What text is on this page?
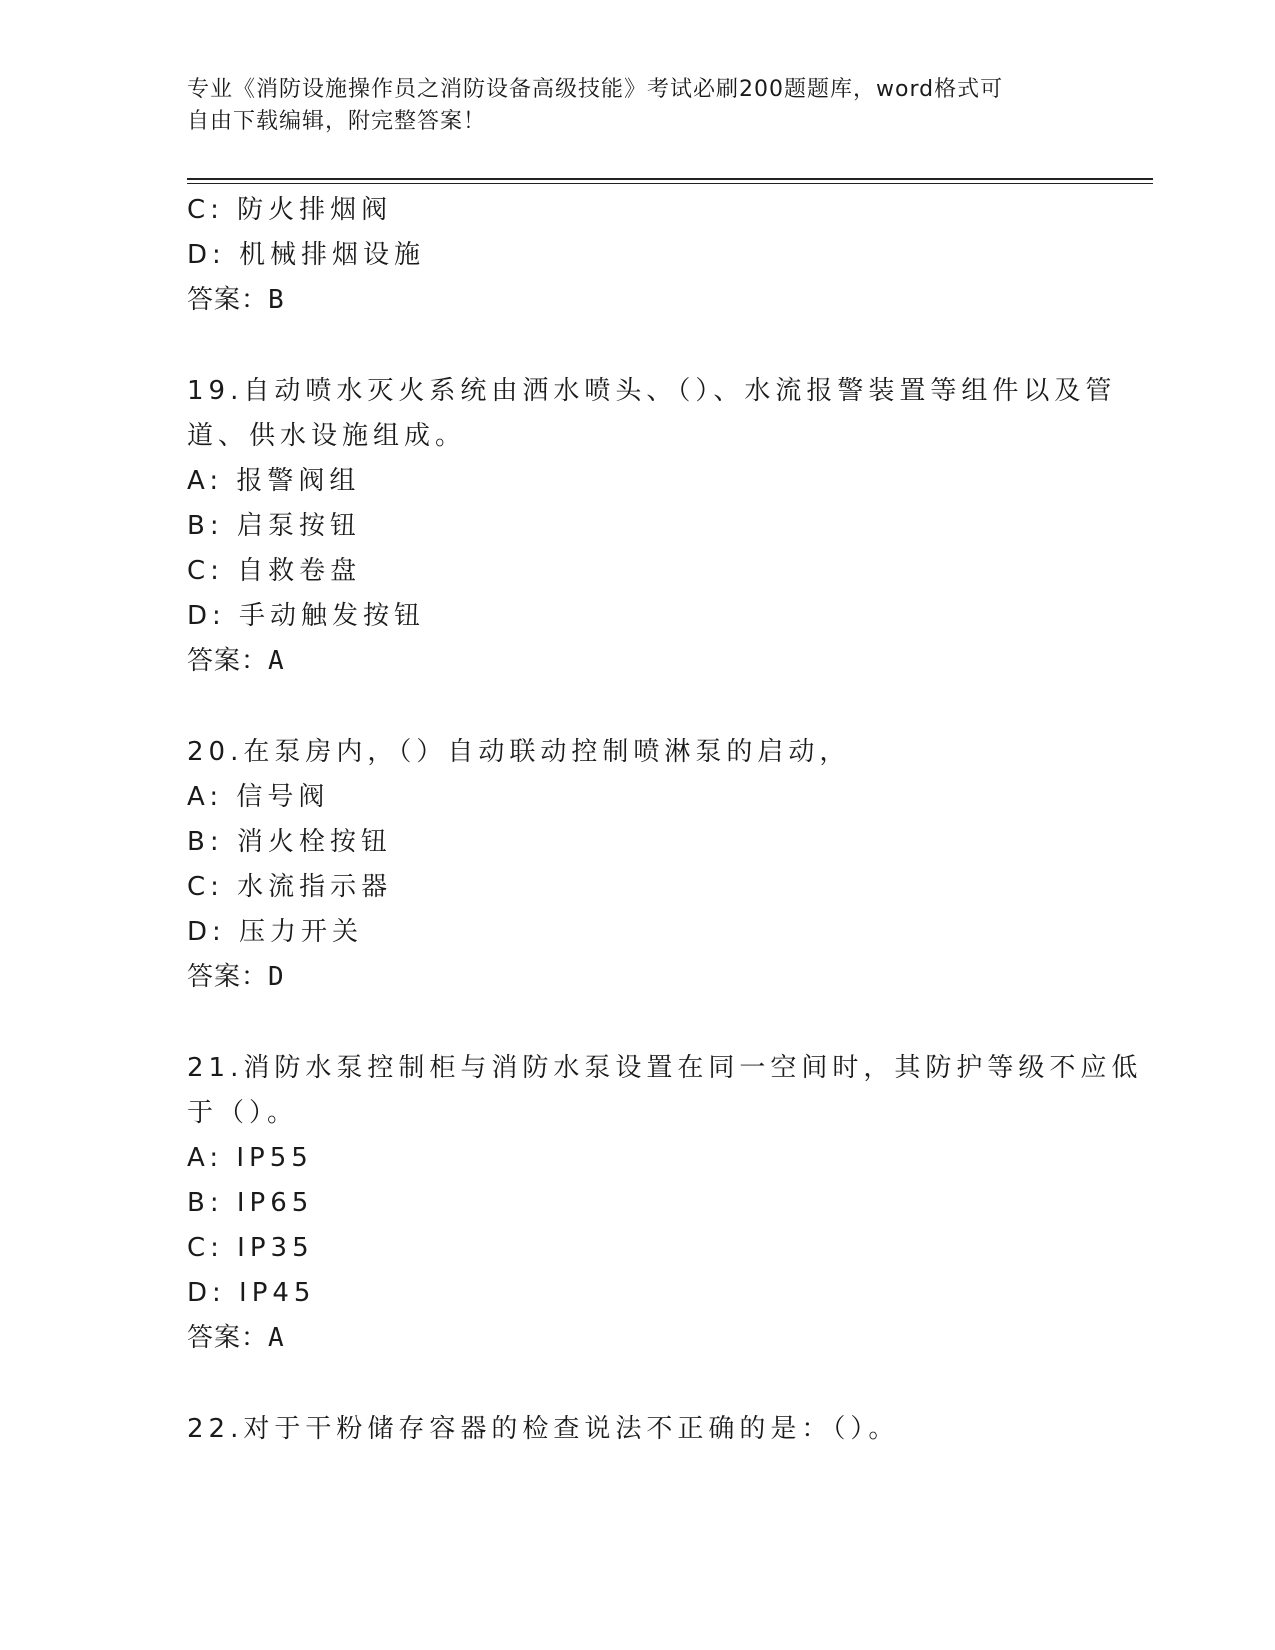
专业《消防设施操作员之消防设备高级技能》考试必刷200题题库，word格式可
自由下载编辑，附完整答案！
C: 防火排烟阀
D: 机械排烟设施
答案：B
19.自动喷水灭火系统由洒水喷头、（）、水流报警装置等组件以及管
道、供水设施组成。
A: 报警阀组
B: 启泵按钮
C: 自救卷盘
D: 手动触发按钮
答案：A
20.在泵房内，（）自动联动控制喷淋泵的启动，
A: 信号阀
B: 消火栓按钮
C: 水流指示器
D: 压力开关
答案：D
21.消防水泵控制柜与消防水泵设置在同一空间时，其防护等级不应低
于（）。
A: IP55
B: IP65
C: IP35
D: IP45
答案：A
22.对于干粉储存容器的检查说法不正确的是：（）。
